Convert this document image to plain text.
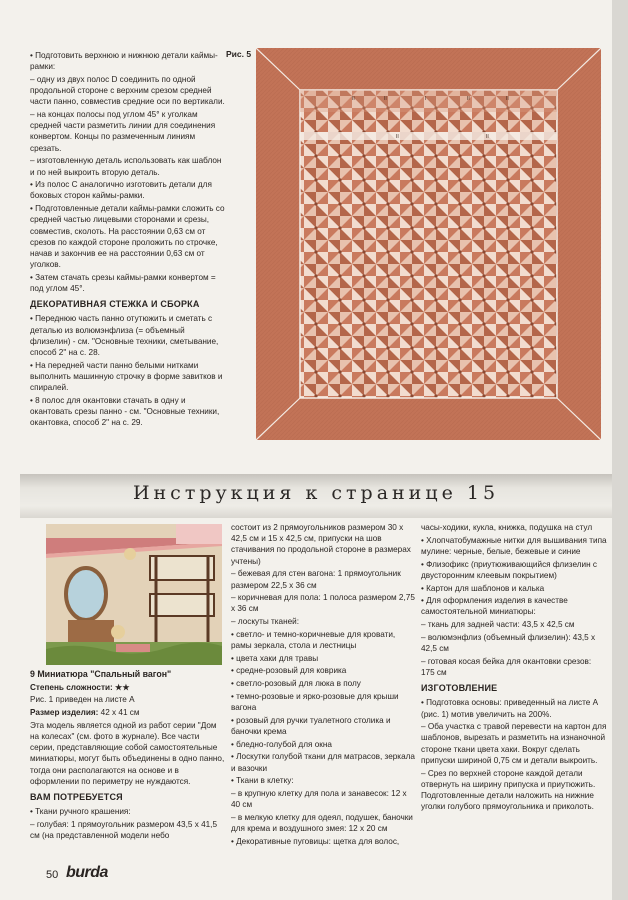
• Подготовить верхнюю и нижнюю детали каймы-рамки:

– одну из двух полос D соединить по одной продольной стороне с верхним срезом средней части панно, совместив средние оси по вертикали.

– на концах полосы под углом 45° к уголкам средней части разметить линии для соединения конвертом. Концы по размеченным линиям срезать.

– изготовленную деталь использовать как шаблон и по ней выкроить вторую деталь.

• Из полос С аналогично изготовить детали для боковых сторон каймы-рамки.

• Подготовленные детали каймы-рамки сложить со средней частью лицевыми сторонами и срезы, совместив, сколоть. На расстоянии 0,63 см от срезов по каждой стороне проложить по строчке, начав и закончив ее на расстоянии 0,63 см от уголков.

• Затем стачать срезы каймы-рамки конвертом = под углом 45°.

ДЕКОРАТИВНАЯ СТЕЖКА И СБОРКА

• Переднюю часть панно отутюжить и сметать с деталью из волюмэнфлиза (= объемный флизелин) - см. "Основные техники, сметывание, способ 2" на с. 28.

• На передней части панно белыми нитками выполнить машинную строчку в форме завитков и спиралей.

• 8 полос для окантовки стачать в одну и окантовать срезы панно - см. "Основные техники, окантовка, способ 2" на с. 29.

Рис. 5
II	II	I	II	II
II	II
Инструкция к странице 15

9 Миниатюра "Спальный вагон"

Степень сложности: ★★

Рис. 1 приведен на листе А

Размер изделия: 42 x 41 см

Эта модель является одной из работ серии "Дом на колесах" (см. фото в журнале). Все части серии, представляющие собой самостоятельные миниатюры, могут быть объединены в одно панно, тогда они располагаются на основе и в оформлении по периметру не нуждаются.

ВАМ ПОТРЕБУЕТСЯ

• Ткани ручного крашения:

– голубая: 1 прямоугольник размером 43,5 х 41,5 см (на представленной модели небо

состоит из 2 прямоугольников размером 30 х 42,5 см и 15 х 42,5 см, припуски на шов стачивания по продольной стороне в размерах учтены)

– бежевая для стен вагона: 1 прямоугольник размером 22,5 х 36 см

– коричневая для пола: 1 полоса размером 2,75 х 36 см

– лоскуты тканей:

• светло- и темно-коричневые для кровати, рамы зеркала, стола и лестницы

• цвета хаки для травы

• средне-розовый для коврика

• светло-розовый для люка в полу

• темно-розовые и ярко-розовые для крыши вагона

• розовый для ручки туалетного столика и баночки крема

• бледно-голубой для окна

• Лоскутки голубой ткани для матрасов, зеркала и вазочки

• Ткани в клетку:

– в крупную клетку для пола и занавесок: 12 х 40 см

– в мелкую клетку для одеял, подушек, баночки для крема и воздушного змея: 12 х 20 см

• Декоративные пуговицы: щетка для волос,

часы-ходики, кукла, книжка, подушка на стул

• Хлопчатобумажные нитки для вышивания типа мулине: черные, белые, бежевые и синие

• Флизофикс (приутюживающийся флизелин с двусторонним клеевым покрытием)

• Картон для шаблонов и калька

• Для оформления изделия в качестве самостоятельной миниатюры:

– ткань для задней части: 43,5 х 42,5 см

– волюмэнфлиз (объемный флизелин): 43,5 х 42,5 см

– готовая косая бейка для окантовки срезов: 175 см

ИЗГОТОВЛЕНИЕ

• Подготовка основы: приведенный на листе А (рис. 1) мотив увеличить на 200%.

– Оба участка с травой перевести на картон для шаблонов, вырезать и разметить на изнаночной стороне ткани цвета хаки. Вокруг сделать припуски шириной 0,75 см и детали выкроить.

– Срез по верхней стороне каждой детали отвернуть на ширину припуска и приутюжить. Подготовленные детали наложить на нижние уголки голубого прямоугольника и приколоть.

50 burda
